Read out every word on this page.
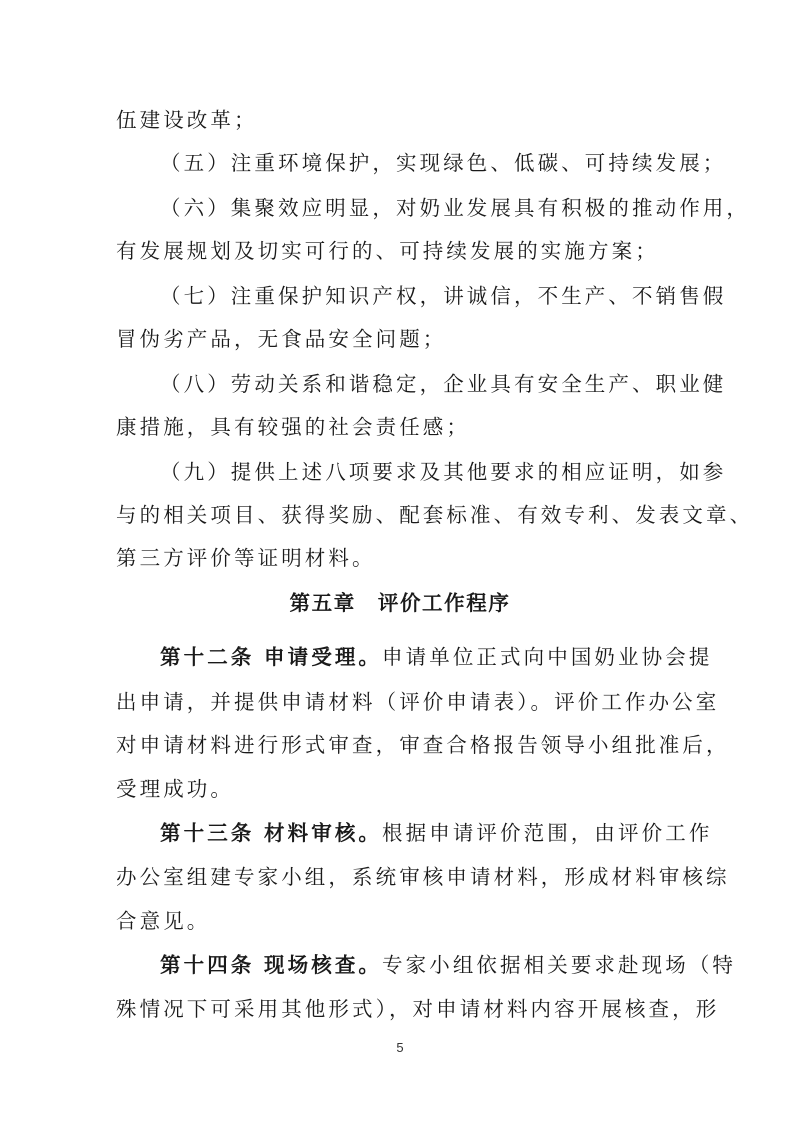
伍建设改革；
（五）注重环境保护，实现绿色、低碳、可持续发展；
（六）集聚效应明显，对奶业发展具有积极的推动作用，
有发展规划及切实可行的、可持续发展的实施方案；
（七）注重保护知识产权，讲诚信，不生产、不销售假
冒伪劣产品，无食品安全问题；
（八）劳动关系和谐稳定，企业具有安全生产、职业健
康措施，具有较强的社会责任感；
（九）提供上述八项要求及其他要求的相应证明，如参
与的相关项目、获得奖励、配套标准、有效专利、发表文章、
第三方评价等证明材料。
第五章 评价工作程序
第十二条 申请受理。申请单位正式向中国奶业协会提
出申请，并提供申请材料（评价申请表）。评价工作办公室
对申请材料进行形式审查，审查合格报告领导小组批准后，
受理成功。
第十三条 材料审核。根据申请评价范围，由评价工作
办公室组建专家小组，系统审核申请材料，形成材料审核综
合意见。
第十四条 现场核查。专家小组依据相关要求赴现场（特
殊情况下可采用其他形式），对申请材料内容开展核查，形
5
